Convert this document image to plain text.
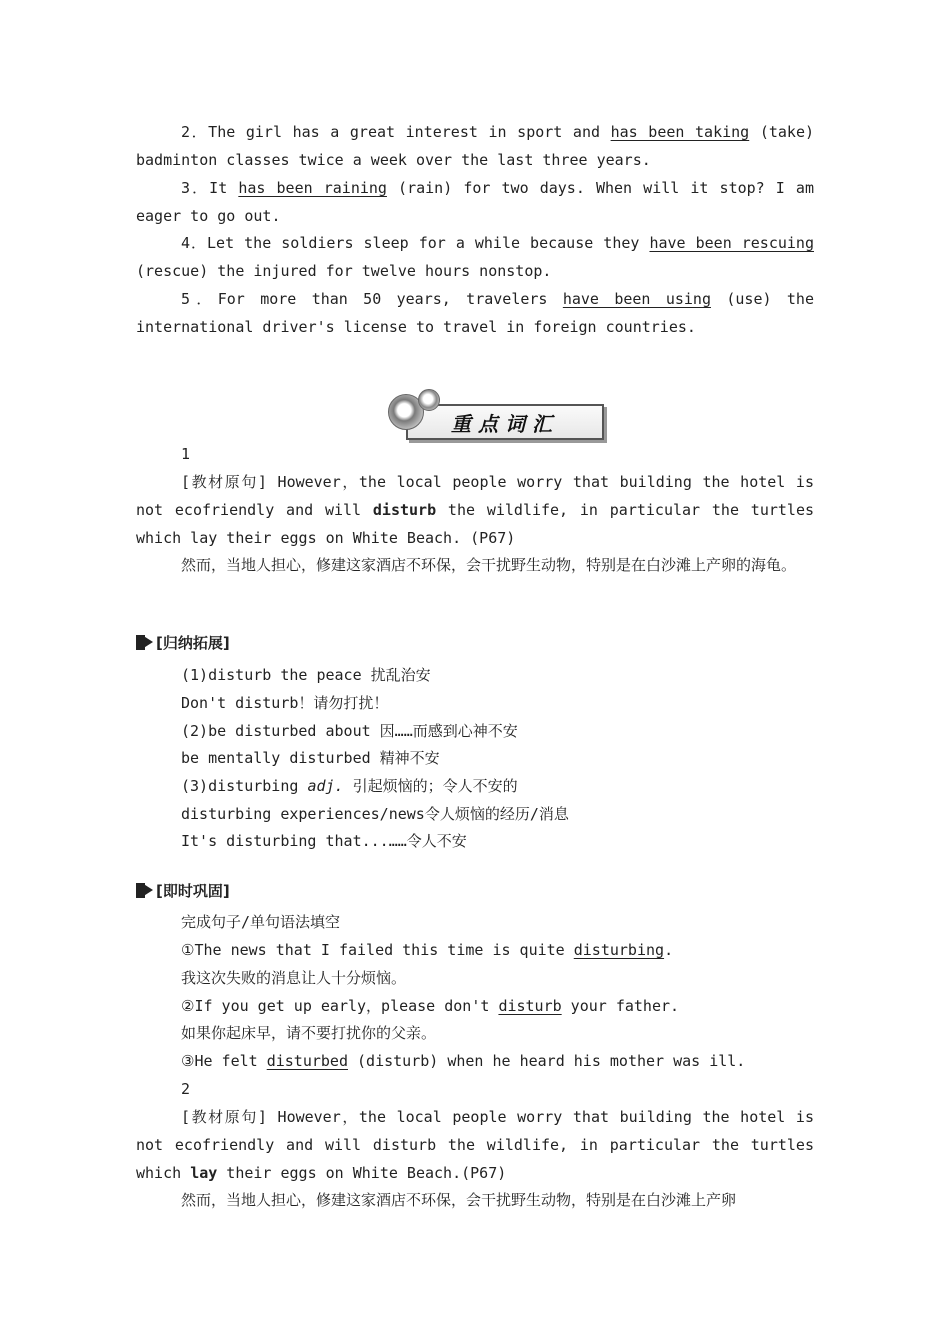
2．The girl has a great interest in sport and has been taking (take) badminton classes twice a week over the last three years.

3．It has been raining (rain) for two days. When will it stop? I am eager to go out.

4．Let the soldiers sleep for a while because they have been rescuing (rescue) the injured for twelve hours nonstop.

5．For more than 50 years, travelers have been using (use) the international driver's license to travel in foreign countries.

重点词汇
1

[教材原句] However，the local people worry that building the hotel is not ecofriendly and will disturb the wildlife, in particular the turtles which lay their eggs on White Beach. (P67)

然而，当地人担心，修建这家酒店不环保，会干扰野生动物，特别是在白沙滩上产卵的海龟。

[归纳拓展]
(1)disturb the peace 扰乱治安
Don't disturb！请勿打扰！
(2)be disturbed about 因……而感到心神不安
be mentally disturbed 精神不安
(3)disturbing adj. 引起烦恼的；令人不安的
disturbing experiences/news令人烦恼的经历/消息
It's disturbing that...……令人不安
[即时巩固]
完成句子/单句语法填空
①The news that I failed this time is quite disturbing.
我这次失败的消息让人十分烦恼。
②If you get up early，please don't disturb your father.
如果你起床早，请不要打扰你的父亲。
③He felt disturbed (disturb) when he heard his mother was ill.
2

[教材原句] However，the local people worry that building the hotel is not ecofriendly and will disturb the wildlife, in particular the turtles which lay their eggs on White Beach.(P67)

然而，当地人担心，修建这家酒店不环保，会干扰野生动物，特别是在白沙滩上产卵
